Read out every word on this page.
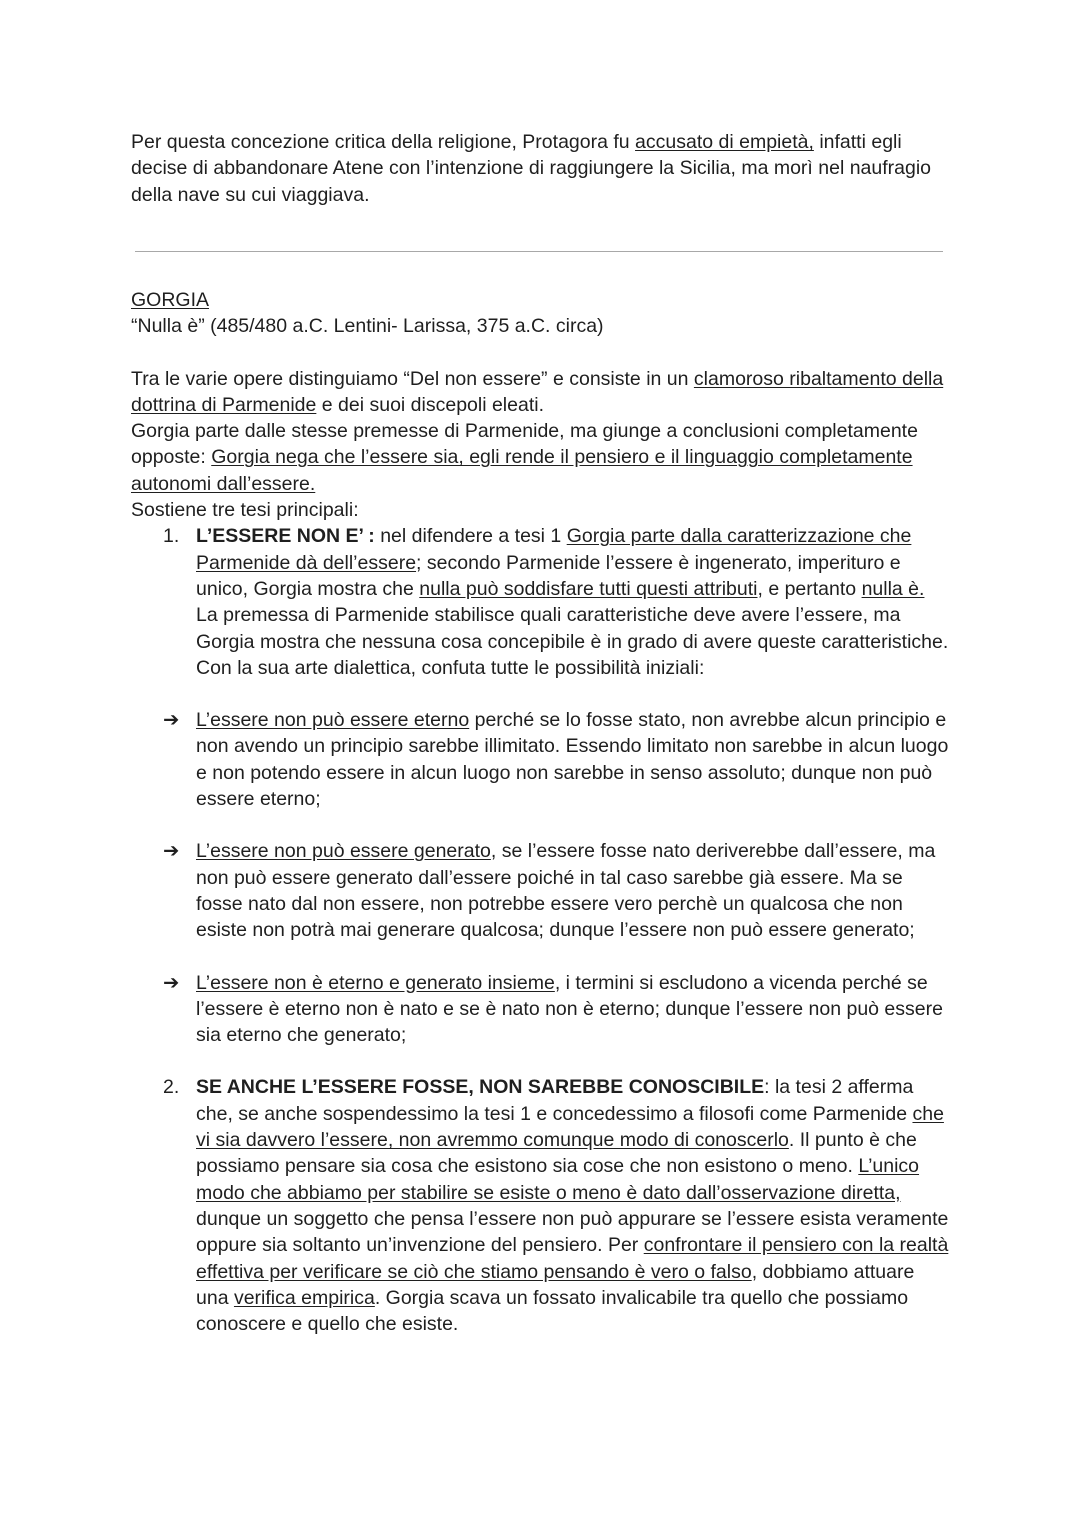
Per questa concezione critica della religione, Protagora fu accusato di empietà, infatti egli decise di abbandonare Atene con l’intenzione di raggiungere la Sicilia, ma morì nel naufragio della nave su cui viaggiava.

GORGIA

“Nulla è” (485/480 a.C. Lentini- Larissa, 375 a.C. circa)

Tra le varie opere distinguiamo “Del non essere” e consiste in un clamoroso ribaltamento della dottrina di Parmenide e dei suoi discepoli eleati.

Gorgia parte dalle stesse premesse di Parmenide, ma giunge a conclusioni completamente opposte: Gorgia nega che l’essere sia, egli rende il pensiero e il linguaggio completamente autonomi dall’essere.

Sostiene tre tesi principali:

1. L’ESSERE NON E’ : nel difendere a tesi 1 Gorgia parte dalla caratterizzazione che Parmenide dà dell’essere; secondo Parmenide l’essere è ingenerato, imperituro e unico, Gorgia mostra che nulla può soddisfare tutti questi attributi, e pertanto nulla è. La premessa di Parmenide stabilisce quali caratteristiche deve avere l’essere, ma Gorgia mostra che nessuna cosa concepibile è in grado di avere queste caratteristiche. Con la sua arte dialettica, confuta tutte le possibilità iniziali:

➔ L’essere non può essere eterno perché se lo fosse stato, non avrebbe alcun principio e non avendo un principio sarebbe illimitato. Essendo limitato non sarebbe in alcun luogo e non potendo essere in alcun luogo non sarebbe in senso assoluto; dunque non può essere eterno;

➔ L’essere non può essere generato, se l’essere fosse nato deriverebbe dall’essere, ma non può essere generato dall’essere poiché in tal caso sarebbe già essere. Ma se fosse nato dal non essere, non potrebbe essere vero perchè un qualcosa che non esiste non potrà mai generare qualcosa; dunque l’essere non può essere generato;

➔ L’essere non è eterno e generato insieme, i termini si escludono a vicenda perché se l’essere è eterno non è nato e se è nato non è eterno; dunque l’essere non può essere sia eterno che generato;

2. SE ANCHE L’ESSERE FOSSE, NON SAREBBE CONOSCIBILE: la tesi 2 afferma che, se anche sospendessimo la tesi 1 e concedessimo a filosofi come Parmenide che vi sia davvero l’essere, non avremmo comunque modo di conoscerlo. Il punto è che possiamo pensare sia cosa che esistono sia cose che non esistono o meno. L’unico modo che abbiamo per stabilire se esiste o meno è dato dall’osservazione diretta, dunque un soggetto che pensa l’essere non può appurare se l’essere esista veramente oppure sia soltanto un’invenzione del pensiero. Per confrontare il pensiero con la realtà effettiva per verificare se ciò che stiamo pensando è vero o falso, dobbiamo attuare una verifica empirica. Gorgia scava un fossato invalicabile tra quello che possiamo conoscere e quello che esiste.
